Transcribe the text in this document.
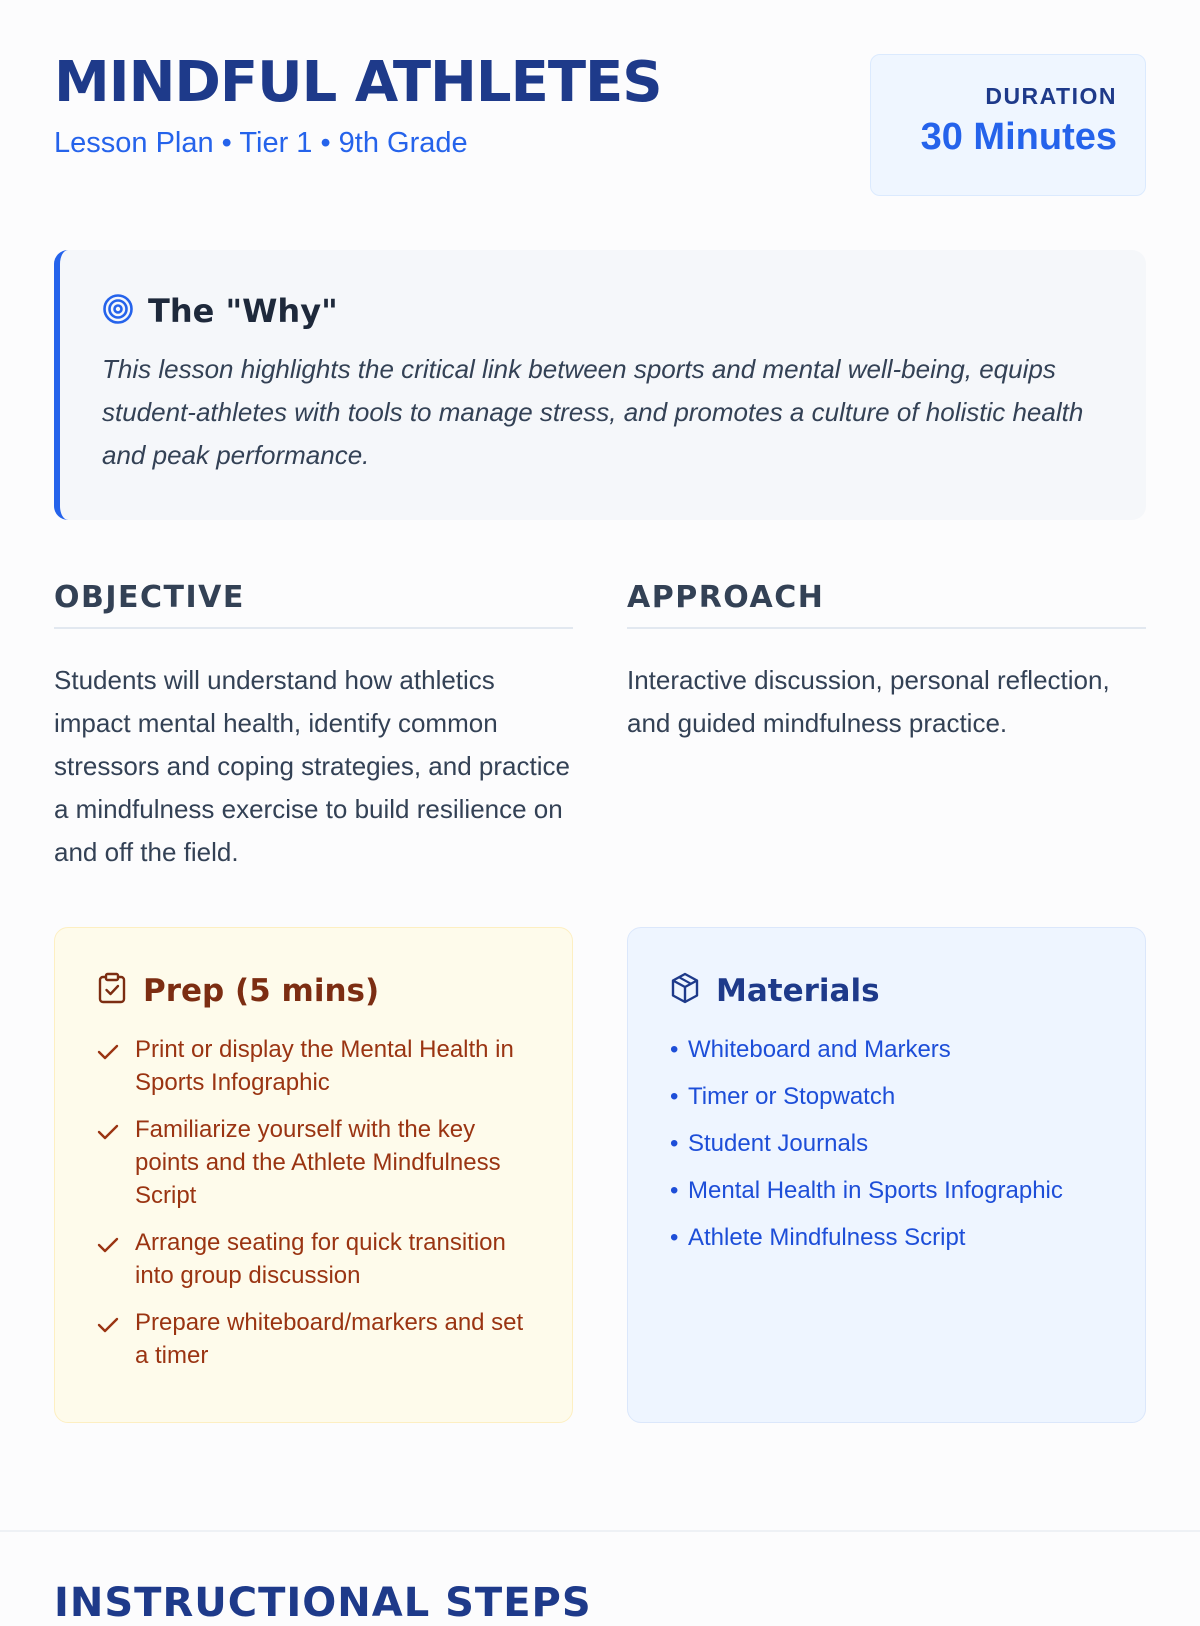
MINDFUL ATHLETES
Lesson Plan • Tier 1 • 9th Grade
DURATION
30 Minutes
The "Why"

This lesson highlights the critical link between sports and mental well-being, equips student-athletes with tools to manage stress, and promotes a culture of holistic health and peak performance.

OBJECTIVE

Students will understand how athletics impact mental health, identify common stressors and coping strategies, and practice a mindfulness exercise to build resilience on and off the field.

APPROACH

Interactive discussion, personal reflection, and guided mindfulness practice.

Prep (5 mins)
Print or display the Mental Health in Sports Infographic
Familiarize yourself with the key points and the Athlete Mindfulness Script
Arrange seating for quick transition into group discussion
Prepare whiteboard/markers and set a timer
Materials
• Whiteboard and Markers
• Timer or Stopwatch
• Student Journals
• Mental Health in Sports Infographic
• Athlete Mindfulness Script
INSTRUCTIONAL STEPS
